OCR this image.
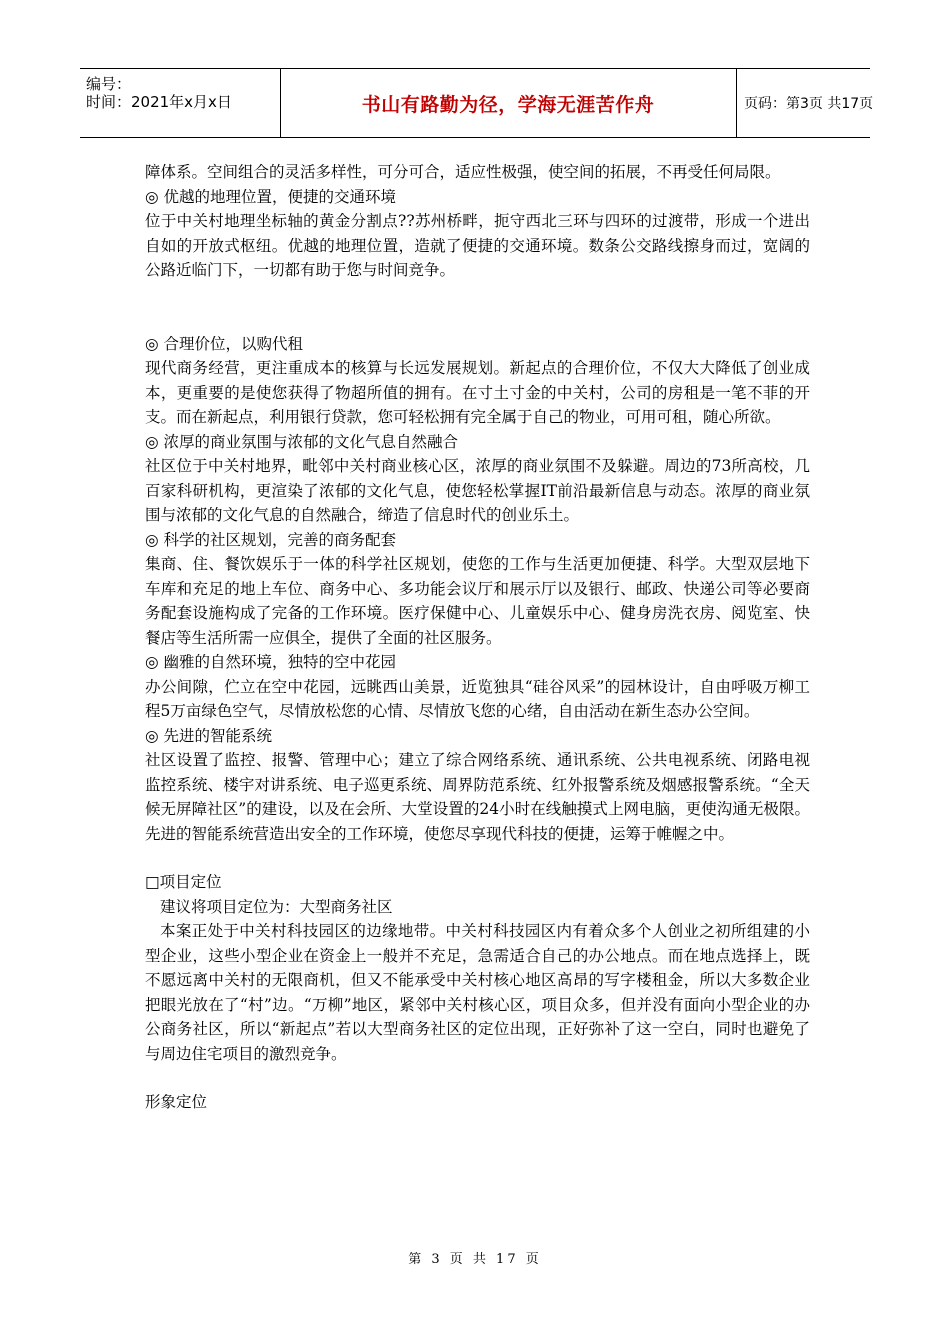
编号：
时间：2021年x月x日	书山有路勤为径，学海无涯苦作舟	页码：第3页 共17页

障体系。空间组合的灵活多样性，可分可合，适应性极强，使空间的拓展，不再受任何局限。

◎ 优越的地理位置，便捷的交通环境

位于中关村地理坐标轴的黄金分割点??苏州桥畔，扼守西北三环与四环的过渡带，形成一个进出自如的开放式枢纽。优越的地理位置，造就了便捷的交通环境。数条公交路线擦身而过，宽阔的公路近临门下，一切都有助于您与时间竞争。

◎ 合理价位，以购代租

现代商务经营，更注重成本的核算与长远发展规划。新起点的合理价位，不仅大大降低了创业成本，更重要的是使您获得了物超所值的拥有。在寸土寸金的中关村，公司的房租是一笔不菲的开支。而在新起点，利用银行贷款，您可轻松拥有完全属于自己的物业，可用可租，随心所欲。

◎ 浓厚的商业氛围与浓郁的文化气息自然融合

社区位于中关村地界，毗邻中关村商业核心区，浓厚的商业氛围不及躲避。周边的73所高校，几百家科研机构，更渲染了浓郁的文化气息，使您轻松掌握IT前沿最新信息与动态。浓厚的商业氛围与浓郁的文化气息的自然融合，缔造了信息时代的创业乐土。

◎ 科学的社区规划，完善的商务配套

集商、住、餐饮娱乐于一体的科学社区规划，使您的工作与生活更加便捷、科学。大型双层地下车库和充足的地上车位、商务中心、多功能会议厅和展示厅以及银行、邮政、快递公司等必要商务配套设施构成了完备的工作环境。医疗保健中心、儿童娱乐中心、健身房洗衣房、阅览室、快餐店等生活所需一应俱全，提供了全面的社区服务。

◎ 幽雅的自然环境，独特的空中花园

办公间隙，伫立在空中花园，远眺西山美景，近览独具“硅谷风采”的园林设计，自由呼吸万柳工程5万亩绿色空气，尽情放松您的心情、尽情放飞您的心绪，自由活动在新生态办公空间。

◎ 先进的智能系统

社区设置了监控、报警、管理中心；建立了综合网络系统、通讯系统、公共电视系统、闭路电视监控系统、楼宇对讲系统、电子巡更系统、周界防范系统、红外报警系统及烟感报警系统。“全天候无屏障社区”的建设，以及在会所、大堂设置的24小时在线触摸式上网电脑，更使沟通无极限。先进的智能系统营造出安全的工作环境，使您尽享现代科技的便捷，运筹于帷幄之中。

□项目定位

建议将项目定位为：大型商务社区

本案正处于中关村科技园区的边缘地带。中关村科技园区内有着众多个人创业之初所组建的小型企业，这些小型企业在资金上一般并不充足，急需适合自己的办公地点。而在地点选择上，既不愿远离中关村的无限商机，但又不能承受中关村核心地区高昂的写字楼租金，所以大多数企业把眼光放在了“村”边。“万柳”地区，紧邻中关村核心区，项目众多，但并没有面向小型企业的办公商务社区，所以“新起点”若以大型商务社区的定位出现，正好弥补了这一空白，同时也避免了与周边住宅项目的激烈竞争。

形象定位

第 3 页 共 17 页
